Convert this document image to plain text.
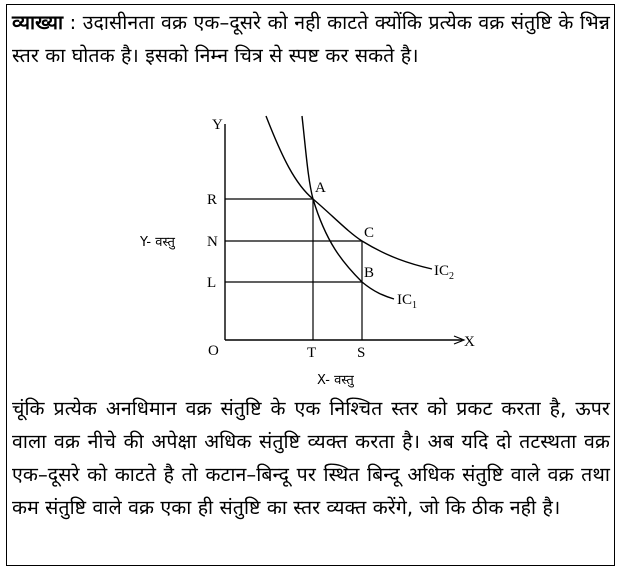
व्याख्या : उदासीनता वक्र एक–दूसरे को नही काटते क्योंकि प्रत्येक वक्र संतुष्टि के भिन्न स्तर का घोतक है। इसको निम्न चित्र से स्पष्ट कर सकते है।

Y
X
O
R
N
L
T	S
A
C
B	$IC_2$
$IC_1$
Y- वस्तु
X- वस्तु

चूंकि प्रत्येक अनधिमान वक्र संतुष्टि के एक निश्चित स्तर को प्रकट करता है, ऊपर वाला वक्र नीचे की अपेक्षा अधिक संतुष्टि व्यक्त करता है। अब यदि दो तटस्थता वक्र एक–दूसरे को काटते है तो कटान–बिन्दू पर स्थित बिन्दू अधिक संतुष्टि वाले वक्र तथा कम संतुष्टि वाले वक्र एका ही संतुष्टि का स्तर व्यक्त करेंगे, जो कि ठीक नही है।
